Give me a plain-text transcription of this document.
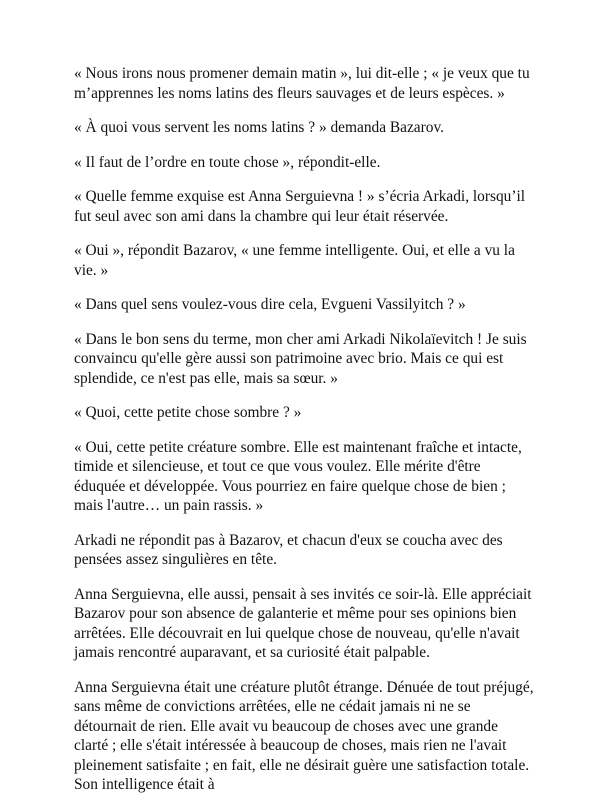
« Nous irons nous promener demain matin », lui dit-elle ; « je veux que tu m’apprennes les noms latins des fleurs sauvages et de leurs espèces. »

« À quoi vous servent les noms latins ? » demanda Bazarov.

« Il faut de l’ordre en toute chose », répondit-elle.

« Quelle femme exquise est Anna Serguievna ! » s’écria Arkadi, lorsqu’il fut seul avec son ami dans la chambre qui leur était réservée.

« Oui », répondit Bazarov, « une femme intelligente. Oui, et elle a vu la vie. »

« Dans quel sens voulez-vous dire cela, Evgueni Vassilyitch ? »

« Dans le bon sens du terme, mon cher ami Arkadi Nikolaïevitch ! Je suis convaincu qu'elle gère aussi son patrimoine avec brio. Mais ce qui est splendide, ce n'est pas elle, mais sa sœur. »

« Quoi, cette petite chose sombre ? »

« Oui, cette petite créature sombre. Elle est maintenant fraîche et intacte, timide et silencieuse, et tout ce que vous voulez. Elle mérite d'être éduquée et développée. Vous pourriez en faire quelque chose de bien ; mais l'autre… un pain rassis. »

Arkadi ne répondit pas à Bazarov, et chacun d'eux se coucha avec des pensées assez singulières en tête.

Anna Serguievna, elle aussi, pensait à ses invités ce soir-là. Elle appréciait Bazarov pour son absence de galanterie et même pour ses opinions bien arrêtées. Elle découvrait en lui quelque chose de nouveau, qu'elle n'avait jamais rencontré auparavant, et sa curiosité était palpable.

Anna Serguievna était une créature plutôt étrange. Dénuée de tout préjugé, sans même de convictions arrêtées, elle ne cédait jamais ni ne se détournait de rien. Elle avait vu beaucoup de choses avec une grande clarté ; elle s'était intéressée à beaucoup de choses, mais rien ne l'avait pleinement satisfaite ; en fait, elle ne désirait guère une satisfaction totale. Son intelligence était à
